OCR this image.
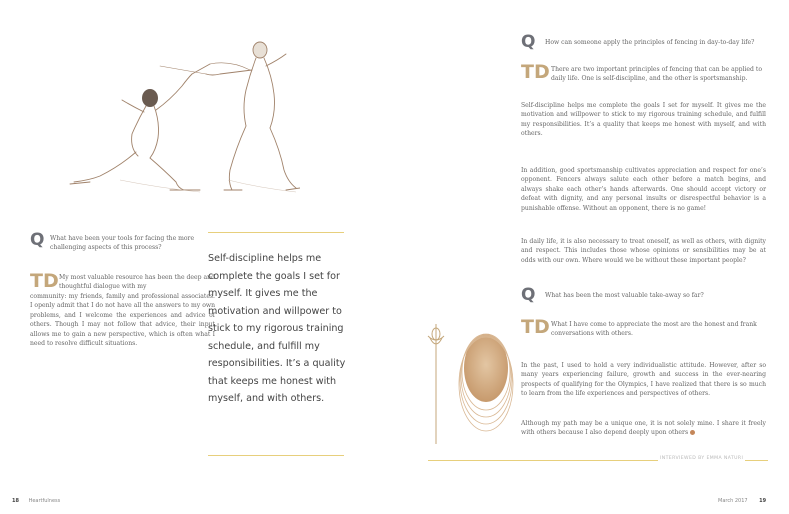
Q What have been your tools for facing the more challenging aspects of this process?

TD My most valuable resource has been the deep and thoughtful dialogue with my

community: my friends, family and professional associates. I openly admit that I do not have all the answers to my own problems, and I welcome the experiences and advice of others. Though I may not follow that advice, their input allows me to gain a new perspective, which is often what I need to resolve difficult situations.

Self-discipline helps me complete the goals I set for myself. It gives me the motivation and willpower to stick to my rigorous training schedule, and fulfill my responsibilities. It’s a quality that keeps me honest with myself, and with others.

18 Heartfulness
Q How can someone apply the principles of fencing in day-to-day life?

TD There are two important principles of fencing that can be applied to daily life. One is self-discipline, and the other is sportsmanship.

Self-discipline helps me complete the goals I set for myself. It gives me the motivation and willpower to stick to my rigorous training schedule, and fulfill my responsibilities. It’s a quality that keeps me honest with myself, and with others.

In addition, good sportsmanship cultivates appreciation and respect for one’s opponent. Fencers always salute each other before a match begins, and always shake each other’s hands afterwards. One should accept victory or defeat with dignity, and any personal insults or disrespectful behavior is a punishable offense. Without an opponent, there is no game!

In daily life, it is also necessary to treat oneself, as well as others, with dignity and respect. This includes those whose opinions or sensibilities may be at odds with our own. Where would we be without these important people?

Q What has been the most valuable take-away so far?

TD What I have come to appreciate the most are the honest and frank conversations with others.

In the past, I used to hold a very individualistic attitude. However, after so many years experiencing failure, growth and success in the ever-nearing prospects of qualifying for the Olympics, I have realized that there is so much to learn from the life experiences and perspectives of others.

Although my path may be a unique one, it is not solely mine. I share it freely with others because I also depend deeply upon others

INTERVIEWED BY EMMA NATURI
March 2017 19
